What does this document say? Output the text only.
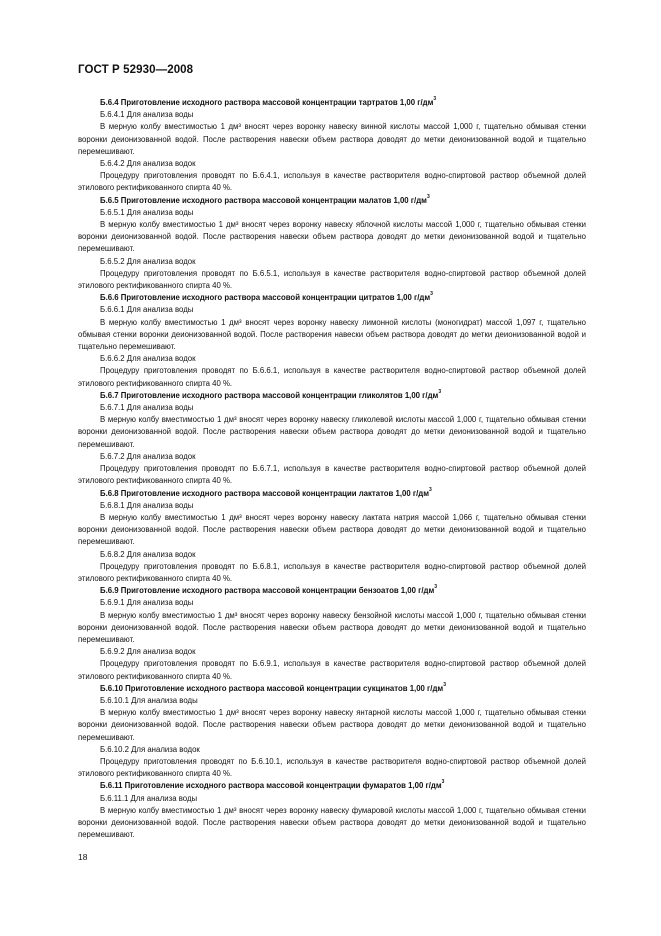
ГОСТ Р 52930—2008

Б.6.4 Приготовление исходного раствора массовой концентрации тартратов 1,00 $г/дм^3$

Б.6.4.1 Для анализа воды

В мерную колбу вместимостью 1 дм³ вносят через воронку навеску винной кислоты массой 1,000 г, тщательно обмывая стенки воронки деионизованной водой. После растворения навески объем раствора доводят до метки деионизованной водой и тщательно перемешивают.

Б.6.4.2 Для анализа водок

Процедуру приготовления проводят по Б.6.4.1, используя в качестве растворителя водно-спиртовой раствор объемной долей этилового ректификованного спирта 40 %.

Б.6.5 Приготовление исходного раствора массовой концентрации малатов 1,00 $г/дм^3$

Б.6.5.1 Для анализа воды

В мерную колбу вместимостью 1 дм³ вносят через воронку навеску яблочной кислоты массой 1,000 г, тщательно обмывая стенки воронки деионизованной водой. После растворения навески объем раствора доводят до метки деионизованной водой и тщательно перемешивают.

Б.6.5.2 Для анализа водок

Процедуру приготовления проводят по Б.6.5.1, используя в качестве растворителя водно-спиртовой раствор объемной долей этилового ректификованного спирта 40 %.

Б.6.6 Приготовление исходного раствора массовой концентрации цитратов 1,00 $г/дм^3$

Б.6.6.1 Для анализа воды

В мерную колбу вместимостью 1 дм³ вносят через воронку навеску лимонной кислоты (моногидрат) массой 1,097 г, тщательно обмывая стенки воронки деионизованной водой. После растворения навески объем раствора доводят до метки деионизованной водой и тщательно перемешивают.

Б.6.6.2 Для анализа водок

Процедуру приготовления проводят по Б.6.6.1, используя в качестве растворителя водно-спиртовой раствор объемной долей этилового ректификованного спирта 40 %.

Б.6.7 Приготовление исходного раствора массовой концентрации гликолятов 1,00 $г/дм^3$

Б.6.7.1 Для анализа воды

В мерную колбу вместимостью 1 дм³ вносят через воронку навеску гликолевой кислоты массой 1,000 г, тщательно обмывая стенки воронки деионизованной водой. После растворения навески объем раствора доводят до метки деионизованной водой и тщательно перемешивают.

Б.6.7.2 Для анализа водок

Процедуру приготовления проводят по Б.6.7.1, используя в качестве растворителя водно-спиртовой раствор объемной долей этилового ректификованного спирта 40 %.

Б.6.8 Приготовление исходного раствора массовой концентрации лактатов 1,00 $г/дм^3$

Б.6.8.1 Для анализа воды

В мерную колбу вместимостью 1 дм³ вносят через воронку навеску лактата натрия массой 1,066 г, тщательно обмывая стенки воронки деионизованной водой. После растворения навески объем раствора доводят до метки деионизованной водой и тщательно перемешивают.

Б.6.8.2 Для анализа водок

Процедуру приготовления проводят по Б.6.8.1, используя в качестве растворителя водно-спиртовой раствор объемной долей этилового ректификованного спирта 40 %.

Б.6.9 Приготовление исходного раствора массовой концентрации бензоатов 1,00 $г/дм^3$

Б.6.9.1 Для анализа воды

В мерную колбу вместимостью 1 дм³ вносят через воронку навеску бензойной кислоты массой 1,000 г, тщательно обмывая стенки воронки деионизованной водой. После растворения навески объем раствора доводят до метки деионизованной водой и тщательно перемешивают.

Б.6.9.2 Для анализа водок

Процедуру приготовления проводят по Б.6.9.1, используя в качестве растворителя водно-спиртовой раствор объемной долей этилового ректификованного спирта 40 %.

Б.6.10 Приготовление исходного раствора массовой концентрации сукцинатов 1,00 $г/дм^3$

Б.6.10.1 Для анализа воды

В мерную колбу вместимостью 1 дм³ вносят через воронку навеску янтарной кислоты массой 1,000 г, тщательно обмывая стенки воронки деионизованной водой. После растворения навески объем раствора доводят до метки деионизованной водой и тщательно перемешивают.

Б.6.10.2 Для анализа водок

Процедуру приготовления проводят по Б.6.10.1, используя в качестве растворителя водно-спиртовой раствор объемной долей этилового ректификованного спирта 40 %.

Б.6.11 Приготовление исходного раствора массовой концентрации фумаратов 1,00 $г/дм^3$

Б.6.11.1 Для анализа воды

В мерную колбу вместимостью 1 дм³ вносят через воронку навеску фумаровой кислоты массой 1,000 г, тщательно обмывая стенки воронки деионизованной водой. После растворения навески объем раствора доводят до метки деионизованной водой и тщательно перемешивают.

18
